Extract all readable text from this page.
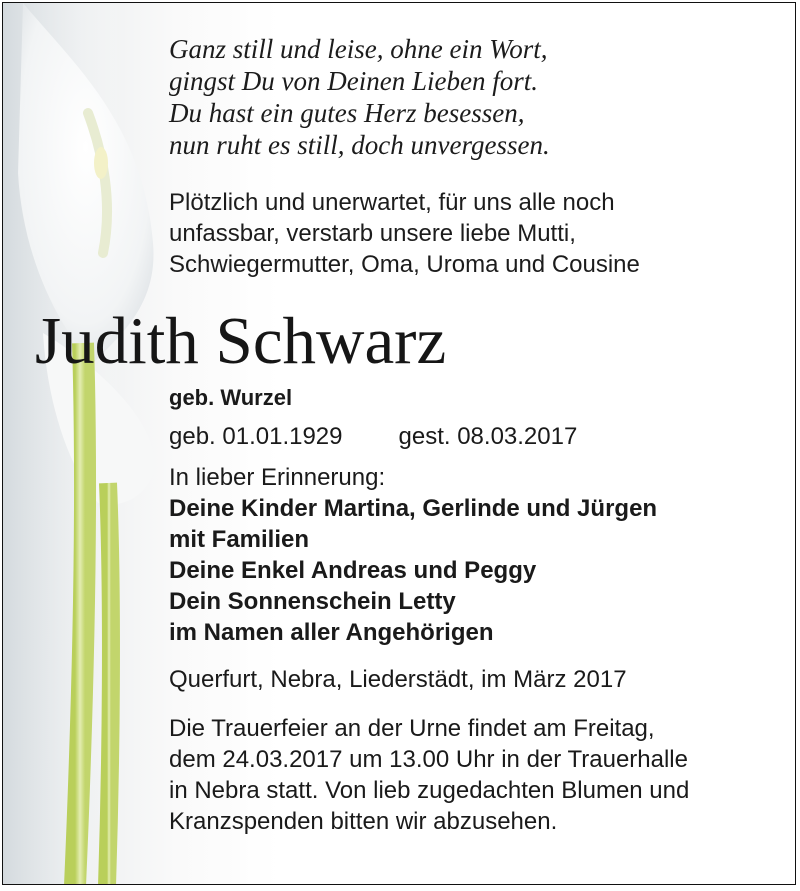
Ganz still und leise, ohne ein Wort,
gingst Du von Deinen Lieben fort.
Du hast ein gutes Herz besessen,
nun ruht es still, doch unvergessen.
Plötzlich und unerwartet, für uns alle noch
unfassbar, verstarb unsere liebe Mutti,
Schwiegermutter, Oma, Uroma und Cousine
Judith Schwarz
geb. Wurzel
geb. 01.01.1929 gest. 08.03.2017
In lieber Erinnerung:
Deine Kinder Martina, Gerlinde und Jürgen
mit Familien
Deine Enkel Andreas und Peggy
Dein Sonnenschein Letty
im Namen aller Angehörigen
Querfurt, Nebra, Liederstädt, im März 2017
Die Trauerfeier an der Urne findet am Freitag,
dem 24.03.2017 um 13.00 Uhr in der Trauerhalle
in Nebra statt. Von lieb zugedachten Blumen und
Kranzspenden bitten wir abzusehen.
